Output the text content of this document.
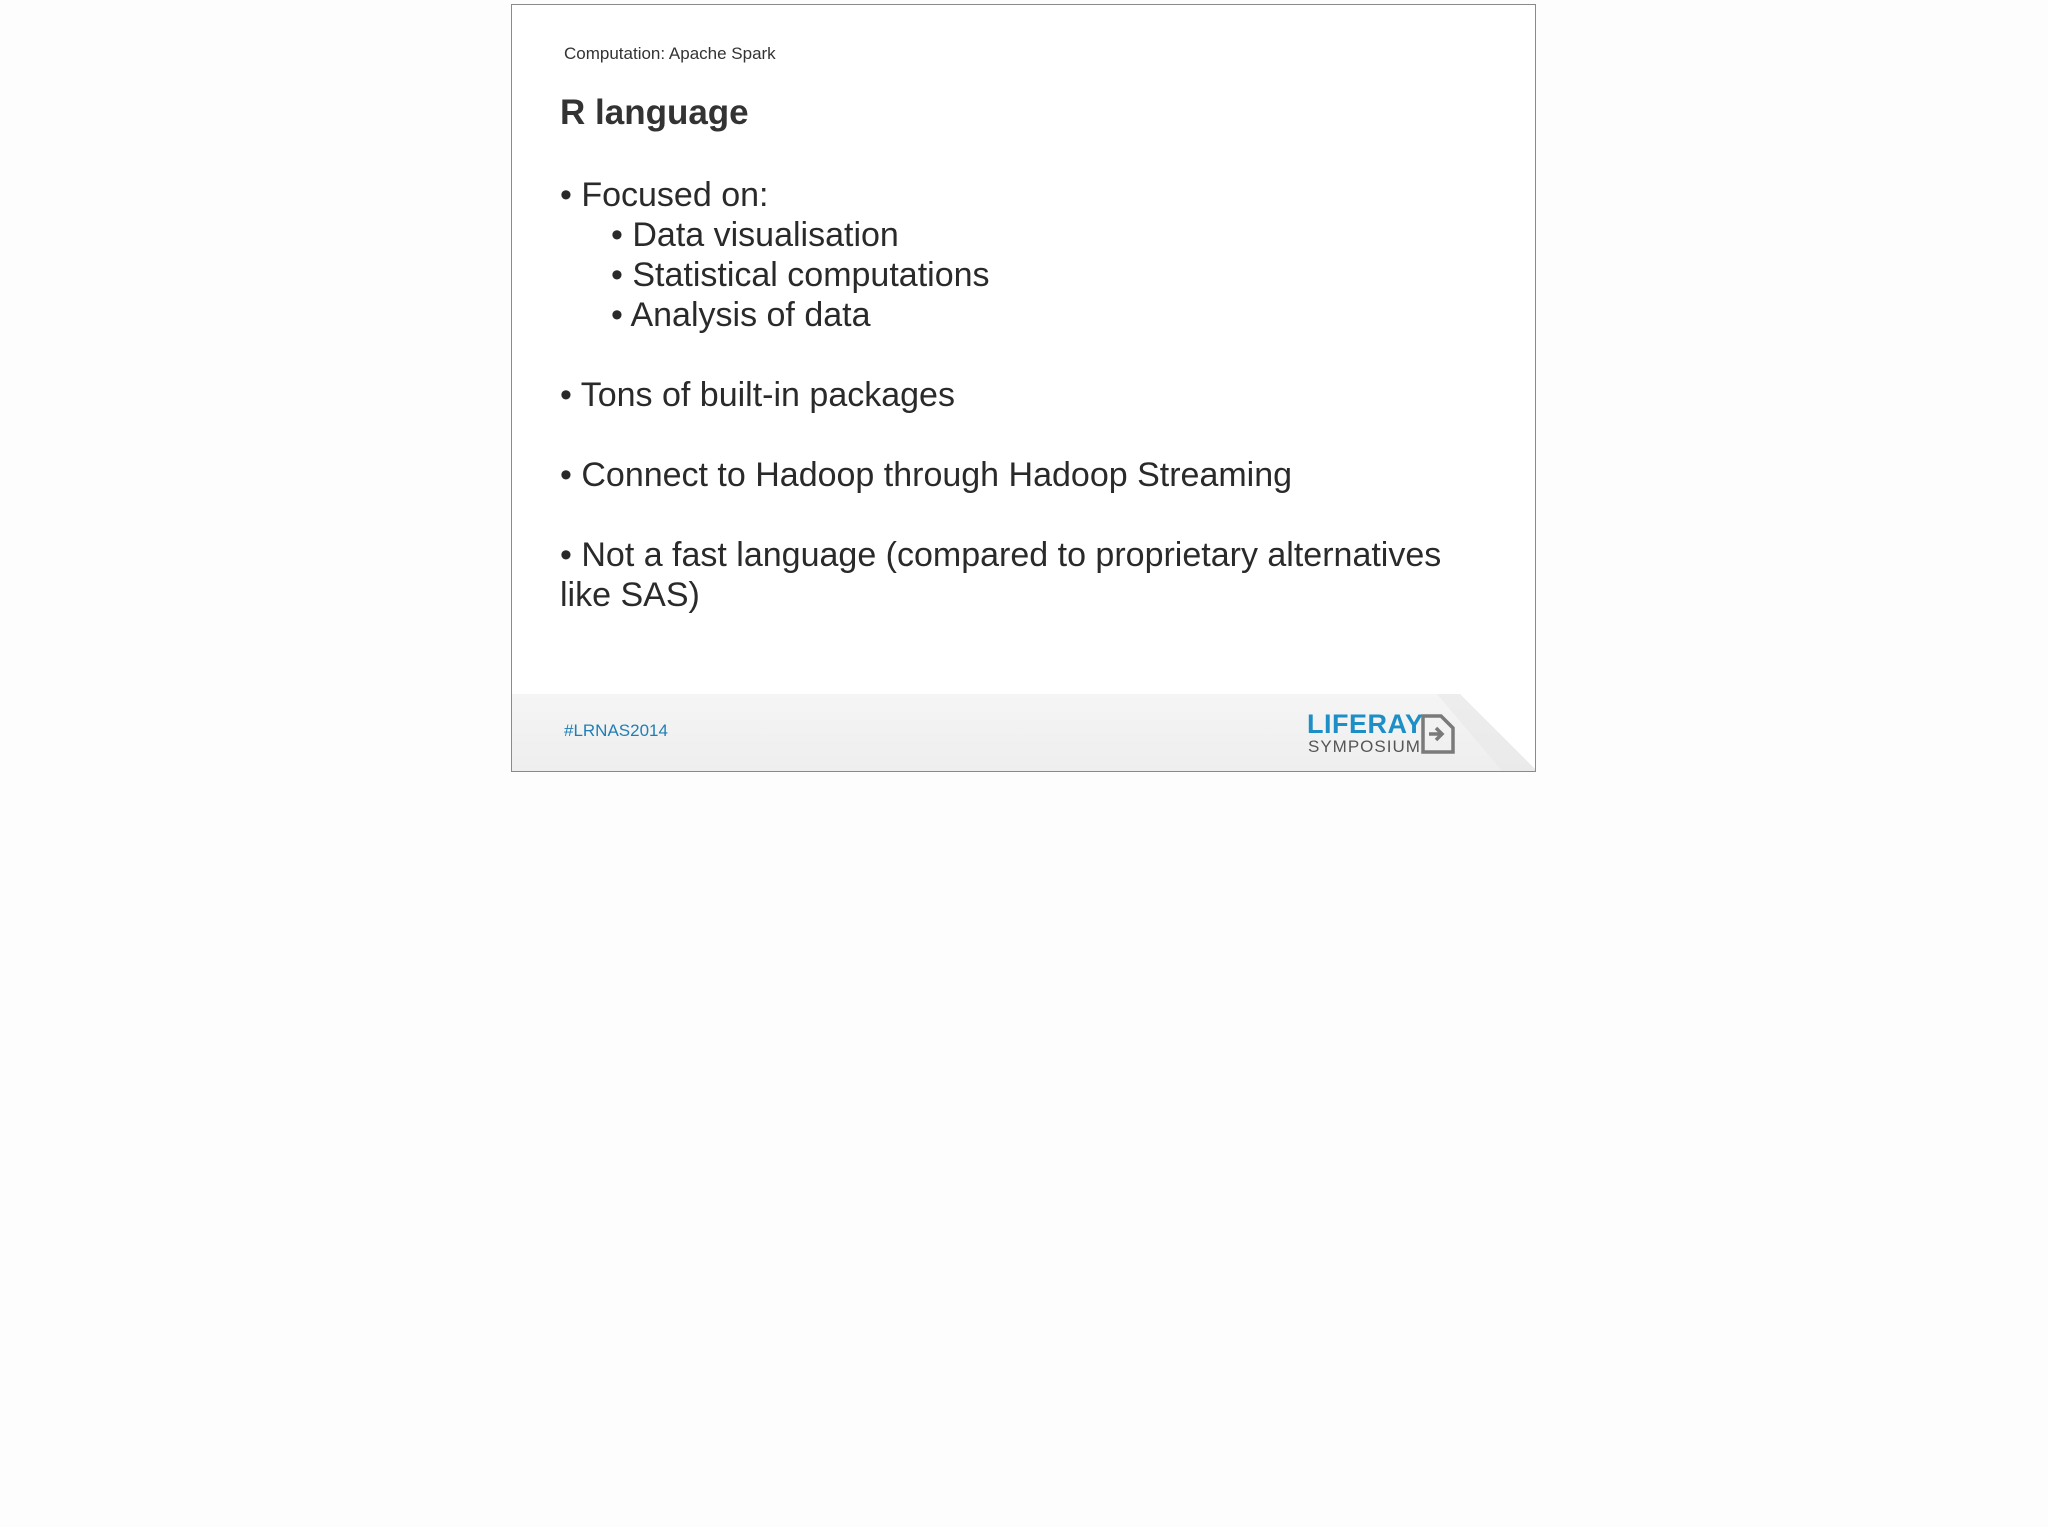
Computation: Apache Spark
R language
• Focused on:
• Data visualisation
• Statistical computations
• Analysis of data
• Tons of built-in packages
• Connect to Hadoop through Hadoop Streaming
• Not a fast language (compared to proprietary alternatives like SAS)
#LRNAS2014	LIFERAY
SYMPOSIUM
